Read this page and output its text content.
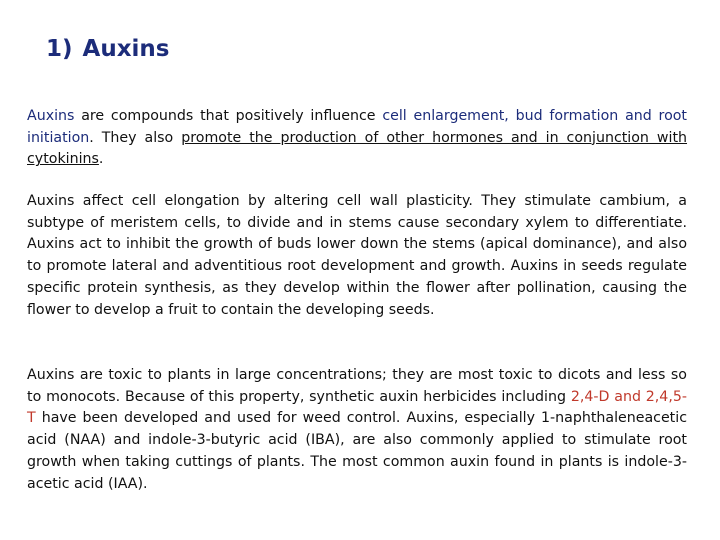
1) Auxins

Auxins are compounds that positively influence cell enlargement, bud formation and root initiation. They also promote the production of other hormones and in conjunction with cytokinins.

Auxins affect cell elongation by altering cell wall plasticity. They stimulate cambium, a subtype of meristem cells, to divide and in stems cause secondary xylem to differentiate. Auxins act to inhibit the growth of buds lower down the stems (apical dominance), and also to promote lateral and adventitious root development and growth. Auxins in seeds regulate specific protein synthesis, as they develop within the flower after pollination, causing the flower to develop a fruit to contain the developing seeds.

Auxins are toxic to plants in large concentrations; they are most toxic to dicots and less so to monocots. Because of this property, synthetic auxin herbicides including 2,4-D and 2,4,5-T have been developed and used for weed control. Auxins, especially 1-naphthaleneacetic acid (NAA) and indole-3-butyric acid (IBA), are also commonly applied to stimulate root growth when taking cuttings of plants. The most common auxin found in plants is indole-3-acetic acid (IAA).
